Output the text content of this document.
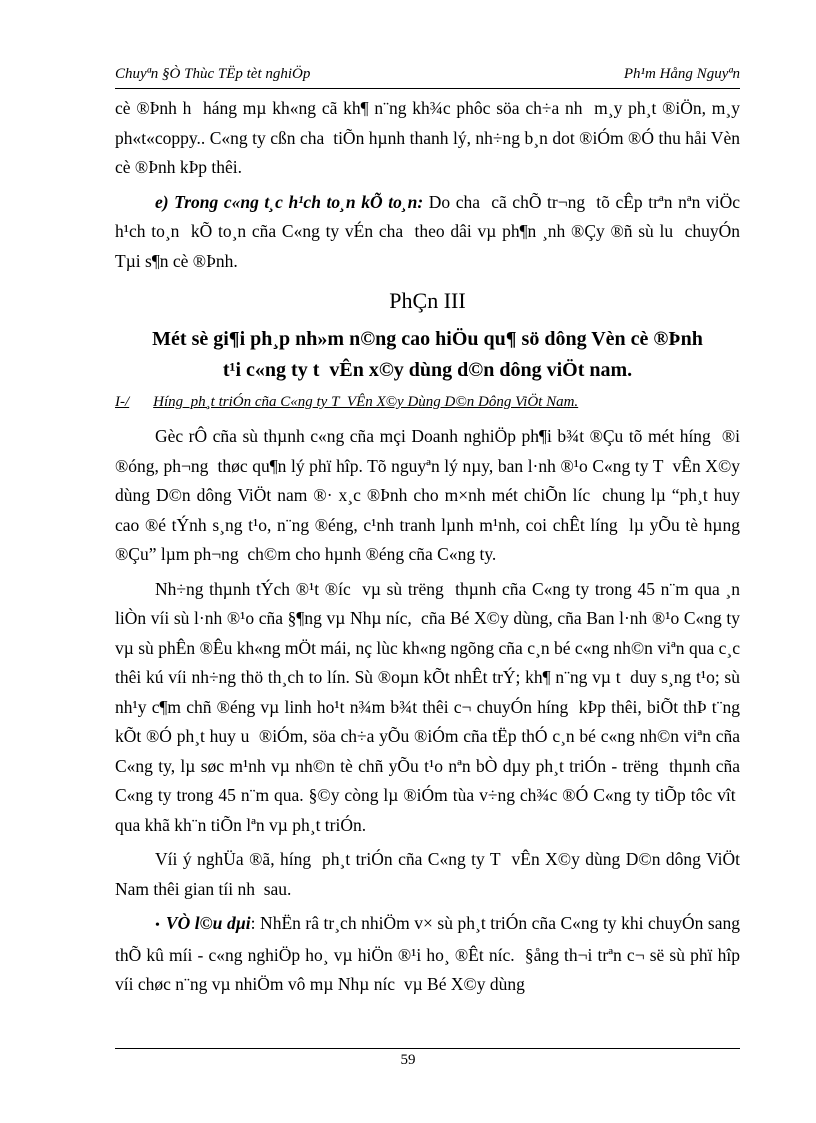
Chuyªn §Ò Thùc TËp tèt nghiÖp	Ph¹m Hång Nguyªn

cè ®Þnh h  háng mµ kh«ng cã kh¶ n¨ng kh¾c phôc söa ch÷a nh  m¸y ph¸t ®iÖn, m¸y ph«t«coppy.. C«ng ty cßn cha  tiÕn hµnh thanh lý, nh÷ng b¸n dot ®iÓm ®Ó thu håi Vèn cè ®Þnh kÞp thêi.

e) Trong c«ng t¸c h¹ch to¸n kÕ to¸n: Do cha  cã chÕ tr¬ng  tõ cÊp trªn nªn viÖc h¹ch to¸n  kÕ to¸n cña C«ng ty vÉn cha  theo dâi vµ ph¶n ¸nh ®Çy ®ñ sù lu  chuyÓn Tµi s¶n cè ®Þnh.

PhÇn III
Mét sè gi¶i ph¸p nh»m n©ng cao hiÖu qu¶ sö dông Vèn cè ®Þnh
t¹i c«ng ty t  vÊn x©y dùng d©n dông viÖt nam.
I-/ Híng  ph¸t triÓn cña C«ng ty T  VÊn X©y Dùng D©n Dông ViÖt Nam.

Gèc rÔ cña sù thµnh c«ng cña mçi Doanh nghiÖp ph¶i b¾t ®Çu tõ mét híng  ®i ®óng, ph¬ng  thøc qu¶n lý phï hîp. Tõ nguyªn lý nµy, ban l·nh ®¹o C«ng ty T  vÊn X©y dùng D©n dông ViÖt nam ®· x¸c ®Þnh cho m×nh mét chiÕn líc  chung lµ “ph¸t huy cao ®é tÝnh s¸ng t¹o, n¨ng ®éng, c¹nh tranh lµnh m¹nh, coi chÊt líng  lµ yÕu tè hµng ®Çu” lµm ph¬ng  ch©m cho hµnh ®éng cña C«ng ty.

Nh÷ng thµnh tÝch ®¹t ®íc  vµ sù trëng  thµnh cña C«ng ty trong 45 n¨m qua ¸n liÒn víi sù l·nh ®¹o cña §¶ng vµ Nhµ níc,  cña Bé X©y dùng, cña Ban l·nh ®¹o C«ng ty vµ sù phÊn ®Êu kh«ng mÖt mái, nç lùc kh«ng ngõng cña c¸n bé c«ng nh©n viªn qua c¸c thêi kú víi nh÷ng thö th¸ch to lín. Sù ®oµn kÕt nhÊt trÝ; kh¶ n¨ng vµ t  duy s¸ng t¹o; sù nh¹y c¶m chñ ®éng vµ linh ho¹t n¾m b¾t thêi c¬ chuyÓn híng  kÞp thêi, biÕt thÞ t¨ng kÕt ®Ó ph¸t huy u  ®iÓm, söa ch÷a yÕu ®iÓm cña tËp thÓ c¸n bé c«ng nh©n viªn cña C«ng ty, lµ søc m¹nh vµ nh©n tè chñ yÕu t¹o nªn bÒ dµy ph¸t triÓn - trëng  thµnh cña C«ng ty trong 45 n¨m qua. §©y còng lµ ®iÓm tùa v÷ng ch¾c ®Ó C«ng ty tiÕp tôc vît  qua khã kh¨n tiÕn lªn vµ ph¸t triÓn.

Víi ý nghÜa ®ã, híng  ph¸t triÓn cña C«ng ty T  vÊn X©y dùng D©n dông ViÖt Nam thêi gian tíi nh  sau.

• VÒ l©u dµi: NhËn râ tr¸ch nhiÖm v× sù ph¸t triÓn cña C«ng ty khi chuyÓn sang thÕ kû míi - c«ng nghiÖp ho¸ vµ hiÖn ®¹i ho¸ ®Êt níc.  §ång th¬i trªn c¬ së sù phï hîp víi chøc n¨ng vµ nhiÖm vô mµ Nhµ níc  vµ Bé X©y dùng

59
